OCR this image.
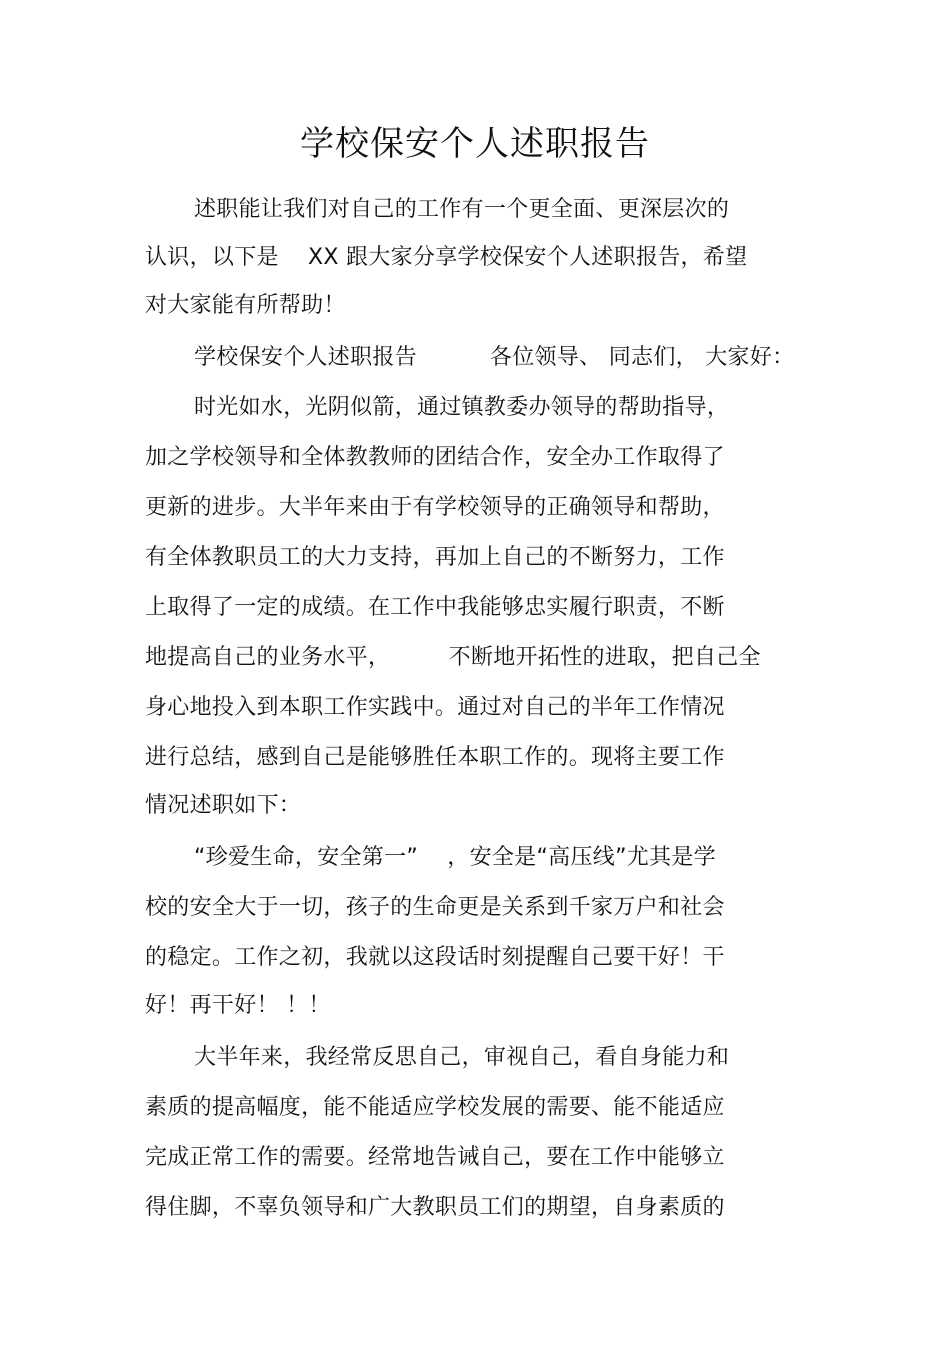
学校保安个人述职报告
述职能让我们对自己的工作有一个更全面、更深层次的
认识，以下是    XX 跟大家分享学校保安个人述职报告，希望
对大家能有所帮助！
学校保安个人述职报告          各位领导、 同志们， 大家好：
时光如水，光阴似箭，通过镇教委办领导的帮助指导，
加之学校领导和全体教教师的团结合作，安全办工作取得了
更新的进步。大半年来由于有学校领导的正确领导和帮助，
有全体教职员工的大力支持，再加上自己的不断努力，工作
上取得了一定的成绩。在工作中我能够忠实履行职责，不断
地提高自己的业务水平，        不断地开拓性的进取，把自己全
身心地投入到本职工作实践中。通过对自己的半年工作情况
进行总结，感到自己是能够胜任本职工作的。现将主要工作
情况述职如下：
“珍爱生命，安全第一”    ，安全是“高压线”尤其是学
校的安全大于一切，孩子的生命更是关系到千家万户和社会
的稳定。工作之初，我就以这段话时刻提醒自己要干好！干
好！再干好！ ！！
大半年来，我经常反思自己，审视自己，看自身能力和
素质的提高幅度，能不能适应学校发展的需要、能不能适应
完成正常工作的需要。经常地告诫自己，要在工作中能够立
得住脚，不辜负领导和广大教职员工们的期望，自身素质的
